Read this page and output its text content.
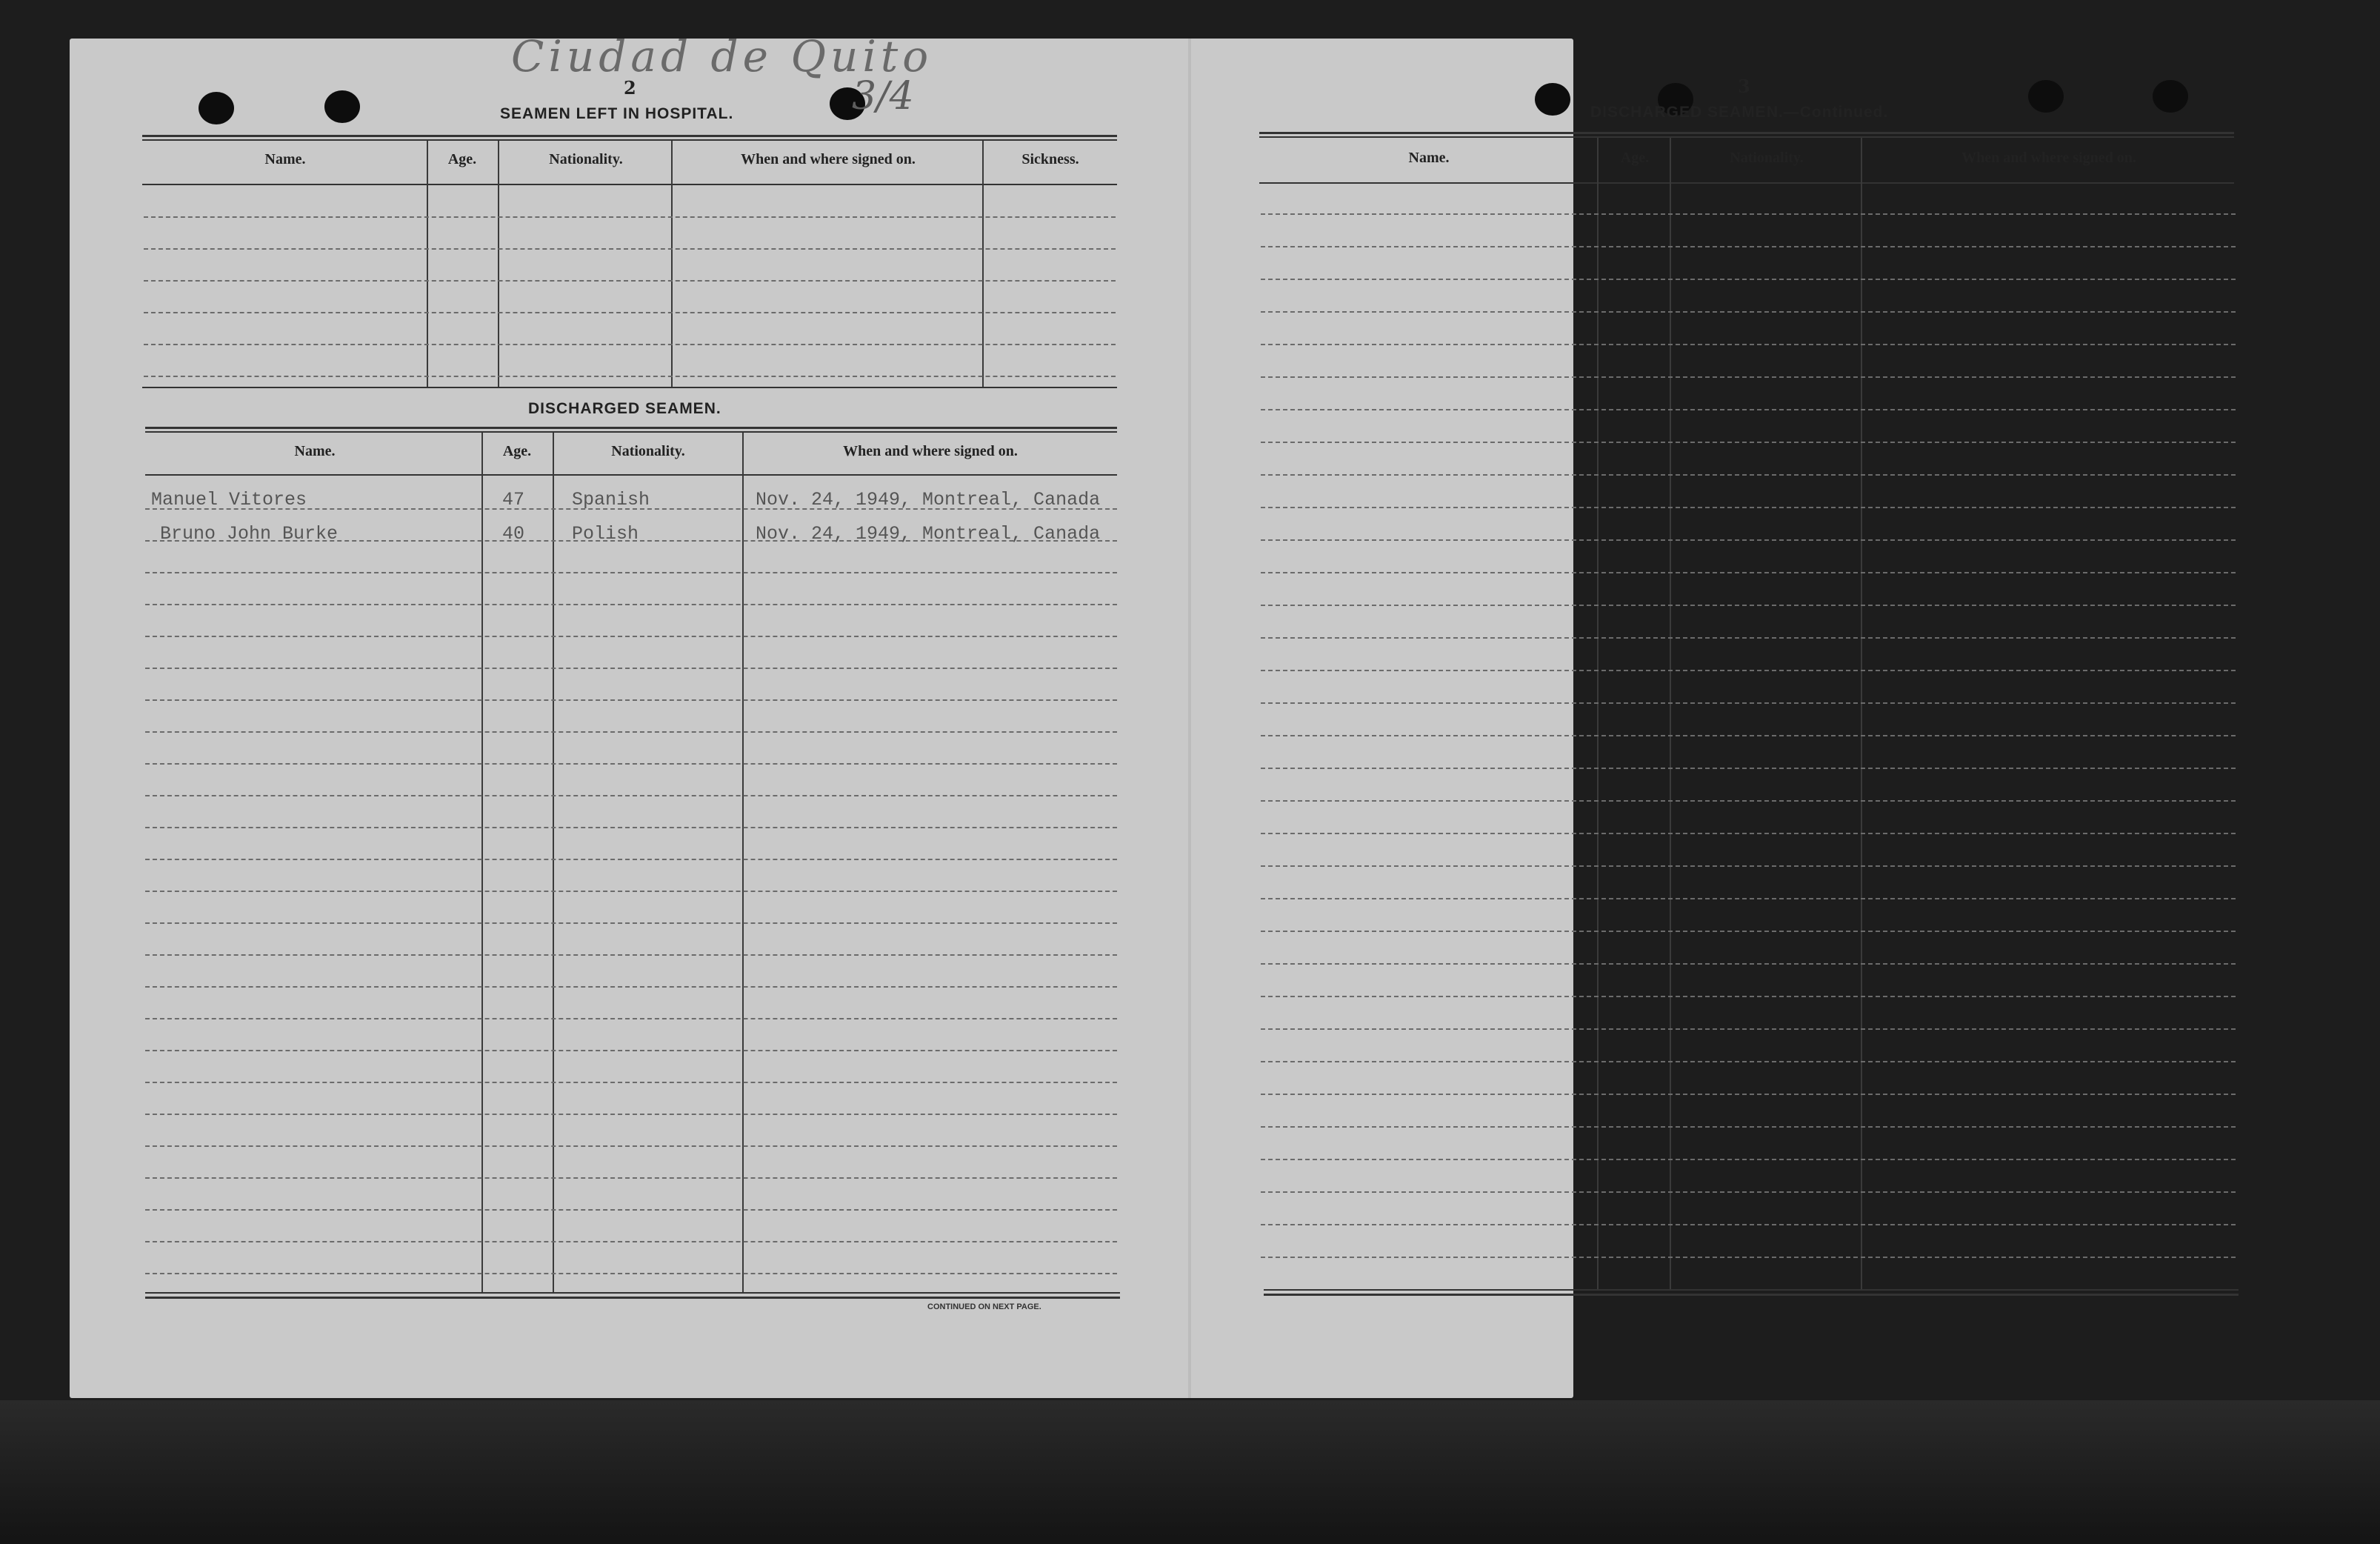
Ciudad de Quito
3/4
2
SEAMEN LEFT IN HOSPITAL.
Name.	Age.	Nationality.	When and where signed on.	Sickness.
DISCHARGED SEAMEN.
Name.	Age.	Nationality.	When and where signed on.
Manuel Vitores	47	Spanish	Nov. 24, 1949, Montreal, Canada
Bruno John Burke	40	Polish	Nov. 24, 1949, Montreal, Canada
CONTINUED ON NEXT PAGE.
3
DISCHARGED SEAMEN.—Continued.
Name.	Age.	Nationality.	When and where signed on.
